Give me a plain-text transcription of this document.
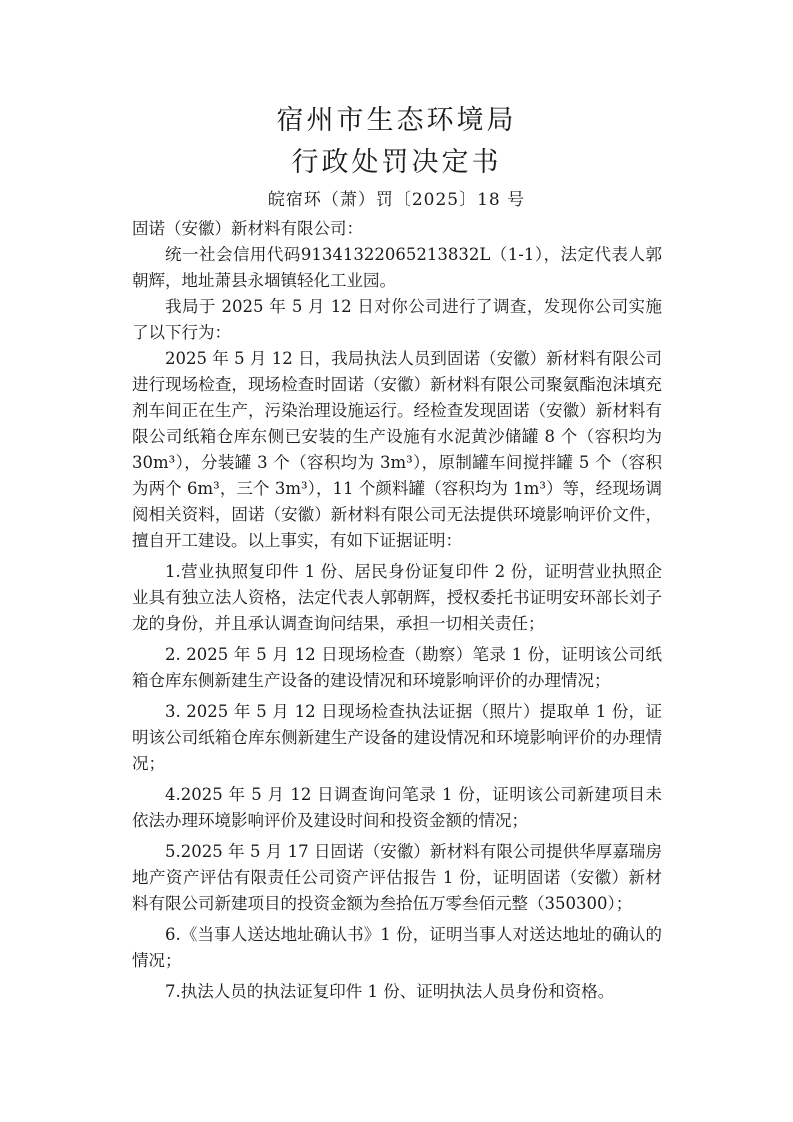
宿州市生态环境局
行政处罚决定书
皖宿环（萧）罚〔2025〕18 号

固诺（安徽）新材料有限公司：

统一社会信用代码91341322065213832L（1-1），法定代表人郭朝辉，地址萧县永堌镇轻化工业园。

我局于 2025 年 5 月 12 日对你公司进行了调查，发现你公司实施了以下行为：

2025 年 5 月 12 日，我局执法人员到固诺（安徽）新材料有限公司进行现场检查，现场检查时固诺（安徽）新材料有限公司聚氨酯泡沫填充剂车间正在生产，污染治理设施运行。经检查发现固诺（安徽）新材料有限公司纸箱仓库东侧已安装的生产设施有水泥黄沙储罐 8 个（容积均为 30m³），分装罐 3 个（容积均为 3m³），原制罐车间搅拌罐 5 个（容积为两个 6m³，三个 3m³），11 个颜料罐（容积均为 1m³）等，经现场调阅相关资料，固诺（安徽）新材料有限公司无法提供环境影响评价文件，擅自开工建设。以上事实，有如下证据证明：

1.营业执照复印件 1 份、居民身份证复印件 2 份，证明营业执照企业具有独立法人资格，法定代表人郭朝辉，授权委托书证明安环部长刘子龙的身份，并且承认调查询问结果，承担一切相关责任；

2. 2025 年 5 月 12 日现场检查（勘察）笔录 1 份，证明该公司纸箱仓库东侧新建生产设备的建设情况和环境影响评价的办理情况；

3. 2025 年 5 月 12 日现场检查执法证据（照片）提取单 1 份，证明该公司纸箱仓库东侧新建生产设备的建设情况和环境影响评价的办理情况；

4.2025 年 5 月 12 日调查询问笔录 1 份，证明该公司新建项目未依法办理环境影响评价及建设时间和投资金额的情况；

5.2025 年 5 月 17 日固诺（安徽）新材料有限公司提供华厚嘉瑞房地产资产评估有限责任公司资产评估报告 1 份，证明固诺（安徽）新材料有限公司新建项目的投资金额为叁拾伍万零叁佰元整（350300）；

6.《当事人送达地址确认书》1 份，证明当事人对送达地址的确认的情况；

7.执法人员的执法证复印件 1 份、证明执法人员身份和资格。
